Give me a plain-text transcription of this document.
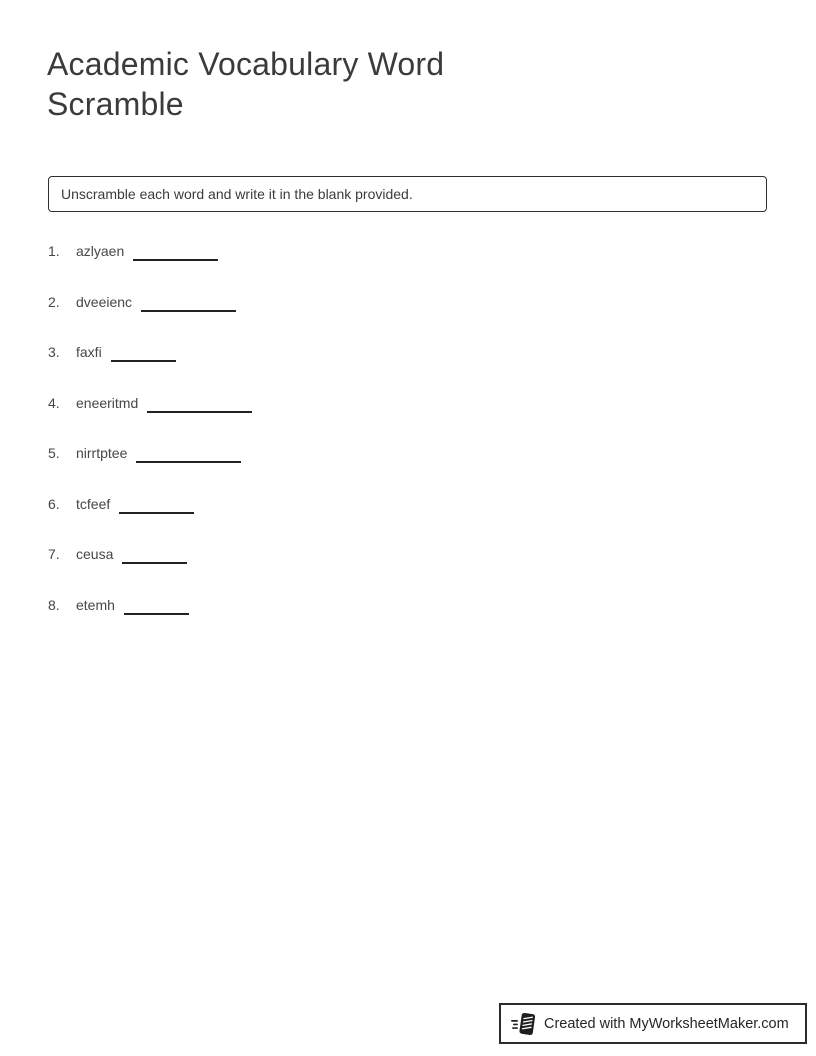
Academic Vocabulary Word Scramble
Unscramble each word and write it in the blank provided.
1. azlyaen
2. dveeienc
3. faxfi
4. eneeritmd
5. nirrtptee
6. tcfeef
7. ceusa
8. etemh
Created with MyWorksheetMaker.com
